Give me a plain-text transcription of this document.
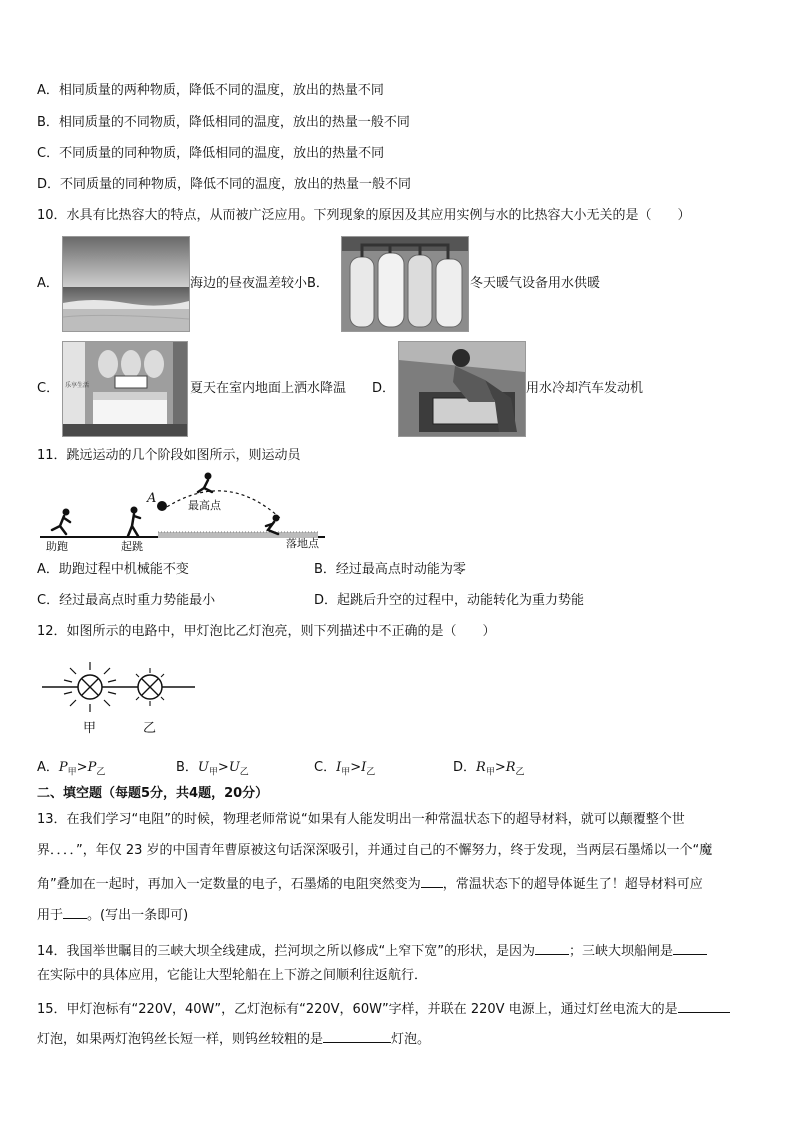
A．相同质量的两种物质，降低不同的温度，放出的热量不同
B．相同质量的不同物质，降低相同的温度，放出的热量一般不同
C．不同质量的同种物质，降低相同的温度，放出的热量不同
D．不同质量的同种物质，降低不同的温度，放出的热量一般不同
10．水具有比热容大的特点，从而被广泛应用。下列现象的原因及其应用实例与水的比热容大小无关的是（　　）
A．	海边的昼夜温差较小B．	冬天暖气设备用水供暖
C． 乐享生活	夏天在室内地面上洒水降温 D．	用水冷却汽车发动机
11．跳远运动的几个阶段如图所示，则运动员
A	最高点
助跑	起跳	落地点
A．助跑过程中机械能不变	B．经过最高点时动能为零
C．经过最高点时重力势能最小	D．起跳后升空的过程中，动能转化为重力势能
12．如图所示的电路中，甲灯泡比乙灯泡亮，则下列描述中不正确的是（　　）
甲	乙
A．$P_甲>P_乙$	B．$U_甲>U_乙$	C．$I_甲>I_乙$	D．$R_甲>R_乙$
二、填空题（每题5分，共4题，20分）
13．在我们学习“电阻”的时候，物理老师常说“如果有人能发明出一种常温状态下的超导材料，就可以颠覆整个世
界．．．．”，年仅 23 岁的中国青年曹原被这句话深深吸引，并通过自己的不懈努力，终于发现，当两层石墨烯以一个“魔
角”叠加在一起时，再加入一定数量的电子，石墨烯的电阻突然变为 ，常温状态下的超导体诞生了！超导材料可应
用于 。(写出一条即可)
14．我国举世瞩目的三峡大坝全线建成，拦河坝之所以修成“上窄下宽”的形状，是因为	；三峡大坝船闸是
在实际中的具体应用，它能让大型轮船在上下游之间顺利往返航行．
15．甲灯泡标有“220V，40W”，乙灯泡标有“220V，60W”字样，并联在 220V 电源上，通过灯丝电流大的是
灯泡，如果两灯泡钨丝长短一样，则钨丝较粗的是	灯泡。
